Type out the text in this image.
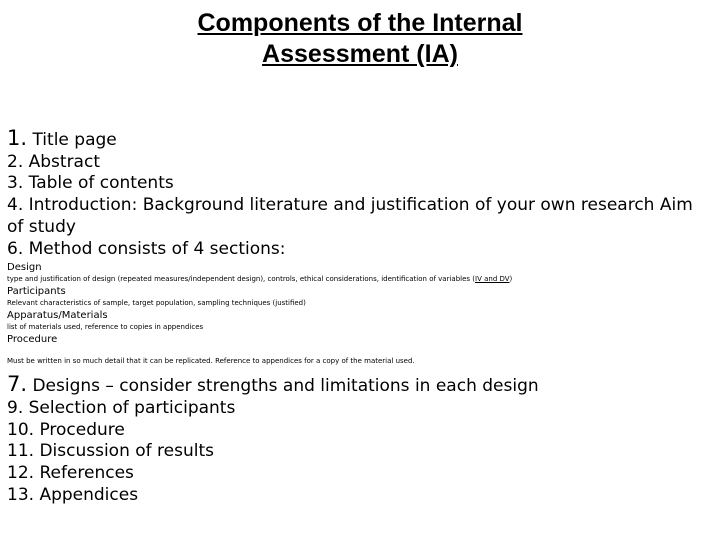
Components of the Internal
Assessment (IA)

1. Title page

2. Abstract

3. Table of contents

4. Introduction: Background literature and justification of your own research Aim of study

6. Method consists of 4 sections:

Design

type and justification of design (repeated measures/independent design), controls, ethical considerations, identification of variables (IV and DV)

Participants

Relevant characteristics of sample, target population, sampling techniques (justified)

Apparatus/Materials

list of materials used, reference to copies in appendices

Procedure

Must be written in so much detail that it can be replicated. Reference to appendices for a copy of the material used.

7. Designs – consider strengths and limitations in each design

9. Selection of participants

10. Procedure

11. Discussion of results

12. References

13. Appendices
